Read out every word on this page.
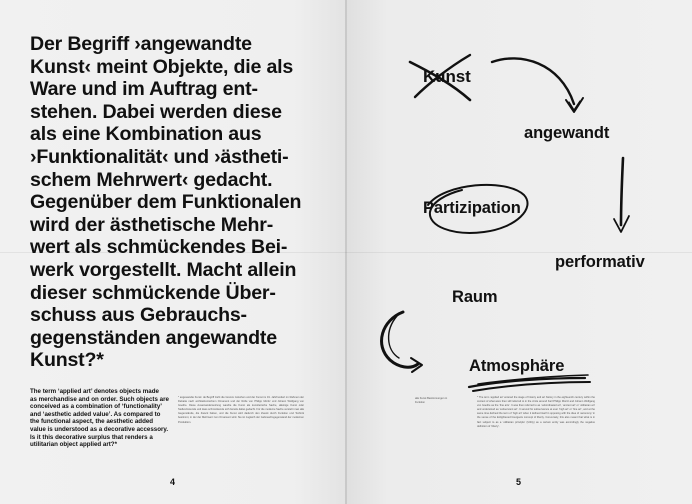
Der Begriff ›angewandte
Kunst‹ meint Objekte, die als
Ware und im Auftrag ent-
stehen. Dabei werden diese
als eine Kombination aus
›Funktionalität‹ und ›ästheti-
schem Mehrwert‹ gedacht.
Gegenüber dem Funktionalen
wird der ästhetische Mehr-
wert als schmückendes Bei-
werk vorgestellt. Macht allein
dieser schmückende Über-
schuss aus Gebrauchs-
gegenständen angewandte
Kunst?*
The term ‘applied art’ denotes objects made
as merchandise and on order. Such objects are
conceived as a combination of ‘functionality’
and ‘aesthetic added value’. As compared to
the functional aspect, the aesthetic added
value is understood as a decorative accessory.
Is it this decorative surplus that renders a
utilitarian object applied art?*
* angewandte Kunst: de Begriff zieht die Grenze zwischen und der Kunst im 19. Jahrhundert im Rahmen der Debatte nach architektonischem Ornament und der Rolle von Philipp Moritz und Johann Wolfgang von Goethe. Diese Auseinandersetzung wandte die Kunst als kunstlerische Sache, alleinige Kunst oder Stellvertretende und dass schmückende sich bereits dabei gedacht. Für die moderne Sache versteht man alle Gegenstände, die Zweck haben, und die Kunst wird dadurch den Zweck durch Funktion und Technik bestimmt, in der der Mehrwert zum Ornament wird. Sie ist zugleich der Gebrauchsgegenstand der modernen Produktion.
4
Kunst
angewandt
Partizipation
performativ
Raum
Atmosphäre
alle Kunst Bestimmungen in Funktion
* The term ‘applied art’ entered the stage of history and art history in the eighteenth century within the context of what were then still referred to in the circle around Karl Philipp Moritz and Johann Wolfgang von Goethe as the ‘fine arts’. It was then referred to as ‘subordinated art’, ‘ancient art’ or ‘utilitarian art’ and understood as ‘subservient art’. It served for subservience at ever ‘high art’ or ‘fine art’, and at the same time defined the term of ‘high art’ when it defined itself in opposing with the idea of ‘autonomy’ in the sense of the Enlightened bourgeois concept of liberty. Conversely, this also meant that what is in fact subject to as a ‘utilitarian principle’ (Utility) as a certain entity was accordingly the negative definition of ‘liberty’.
5
